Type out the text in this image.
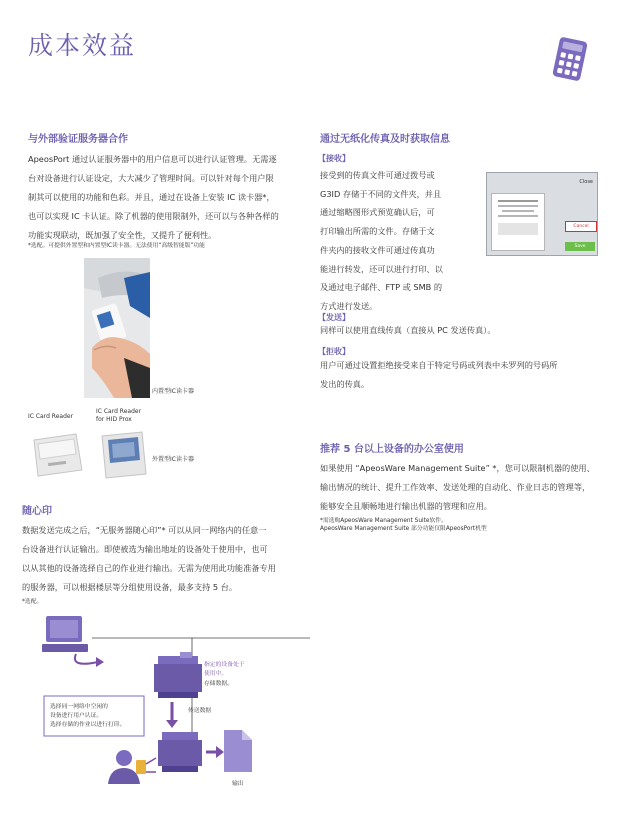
成本效益
与外部验证服务器合作
ApeosPort 通过认证服务器中的用户信息可以进行认证管理。无需逐
台对设备进行认证设定，大大减少了管理时间。可以针对每个用户限
制其可以使用的功能和色彩。并且，通过在设备上安装 IC 读卡器*，
也可以实现 IC 卡认证。除了机器的使用限制外，还可以与各种各样的
功能实现联动，既加强了安全性，又提升了便利性。
*选配。可提供外置型和内置型IC读卡器。无法使用“高级智能版”功能
内置型IC读卡器
IC Card Reader
IC Card Reader
for HID Prox
外置型IC读卡器
随心印
数据发送完成之后，“无服务器随心印”* 可以从同一网络内的任意一
台设备进行认证输出。即使被选为输出地址的设备处于使用中，也可
以从其他的设备选择自己的作业进行输出。无需为使用此功能准备专用
的服务器，可以根据楼层等分组使用设备，最多支持 5 台。
*选配。
选择同一网络中空闲的
设备进行用户认证。
选择存储的作业以进行打印。
指定的设备处于
使用中。
存储数据。
传送数据
输出
通过无纸化传真及时获取信息
【接收】
接受到的传真文件可通过拨号或
G3ID 存储于不同的文件夹，并且
通过缩略图形式预览确认后，可
打印输出所需的文件。存储于文
件夹内的接收文件可通过传真功
能进行转发，还可以进行打印、以
及通过电子邮件、FTP 或 SMB 的
方式进行发送。
Close
Cancel
Save
【发送】
同样可以使用直线传真（直接从 PC 发送传真）。
【拒收】
用户可通过设置拒绝接受来自于特定号码或列表中未罗列的号码所
发出的传真。
推荐 5 台以上设备的办公室使用
如果使用 “ApeosWare Management Suite” *，您可以限制机器的使用、
输出情况的统计、提升工作效率、发送处理的自动化、作业日志的管理等，
能够安全且顺畅地进行输出机器的管理和应用。
*需选购ApeosWare Management Suite软件。
ApeosWare Management Suite 部分功能仅限ApeosPort机型
